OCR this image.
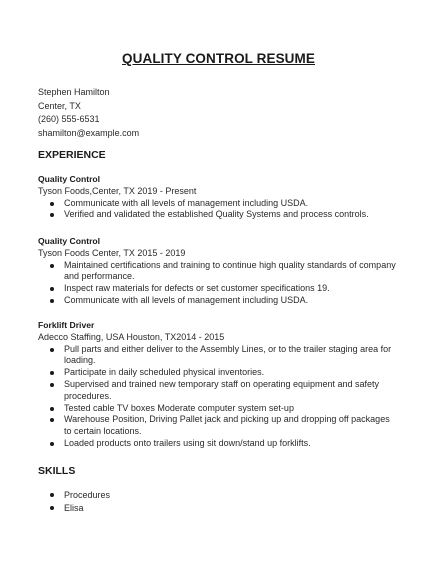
QUALITY CONTROL RESUME
Stephen Hamilton
Center, TX
(260) 555-6531
shamilton@example.com
EXPERIENCE
Quality Control
Tyson Foods,Center, TX 2019 - Present
Communicate with all levels of management including USDA.
Verified and validated the established Quality Systems and process controls.
Quality Control
Tyson Foods Center, TX 2015 - 2019
Maintained certifications and training to continue high quality standards of company and performance.
Inspect raw materials for defects or set customer specifications 19.
Communicate with all levels of management including USDA.
Forklift Driver
Adecco Staffing, USA Houston, TX2014 - 2015
Pull parts and either deliver to the Assembly Lines, or to the trailer staging area for loading.
Participate in daily scheduled physical inventories.
Supervised and trained new temporary staff on operating equipment and safety procedures.
Tested cable TV boxes Moderate computer system set-up
Warehouse Position, Driving Pallet jack and picking up and dropping off packages to certain locations.
Loaded products onto trailers using sit down/stand up forklifts.
SKILLS
Procedures
Elisa
